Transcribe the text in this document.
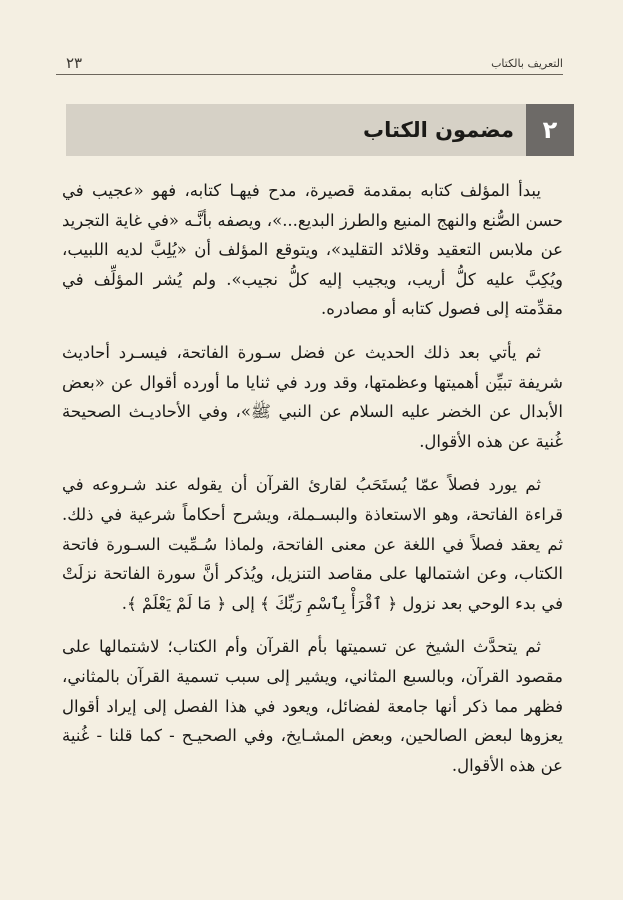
التعريف بالكتاب
٢٣
٢
مضمون الكتاب

يبدأ المؤلف كتابه بمقدمة قصيرة، مدح فيهـا كتابه، فهو «عجيب في حسن الصُّنع والنهج المنيع والطرز البديع...»، ويصفه بأنَّـه «في غاية التجريد عن ملابس التعقيد وقلائد التقليد»، ويتوقع المؤلف أن «يُلِبَّ لديه اللبيب، ويُكِبَّ عليه كلُّ أريب، ويجيب إليه كلُّ نجيب». ولم يُشر المؤلِّف في مقدِّمته إلى فصول كتابه أو مصادره.

ثم يأتي بعد ذلك الحديث عن فضل سـورة الفاتحة، فيسـرد أحاديث شريفة تبيِّن أهميتها وعظمتها، وقد ورد في ثنايا ما أورده أقوال عن «بعض الأبدال عن الخضر عليه السلام عن النبي ﷺ»، وفي الأحاديـث الصحيحة غُنية عن هذه الأقوال.

ثم يورد فصلاً عمّا يُستَحَبُ لقارئ القرآن أن يقوله عند شـروعه في قراءة الفاتحة، وهو الاستعاذة والبسـملة، ويشرح أحكاماً شرعية في ذلك. ثم يعقد فصلاً في اللغة عن معنى الفاتحة، ولماذا سُـمِّيت السـورة فاتحة الكتاب، وعن اشتمالها على مقاصد التنزيل، ويُذكر أنَّ سورة الفاتحة نزلَتْ في بدء الوحي بعد نزول ﴿ ٱقْرَأْ بِٱسْمِ رَبِّكَ ﴾ إلى ﴿ مَا لَمْ يَعْلَمْ ﴾.

ثم يتحدَّث الشيخ عن تسميتها بأم القرآن وأم الكتاب؛ لاشتمالها على مقصود القرآن، وبالسبع المثاني، ويشير إلى سبب تسمية القرآن بالمثاني، فظهر مما ذكر أنها جامعة لفضائل، ويعود في هذا الفصل إلى إيراد أقوال يعزوها لبعض الصالحين، وبعض المشـايخ، وفي الصحيـح - كما قلنا - غُنية عن هذه الأقوال.
